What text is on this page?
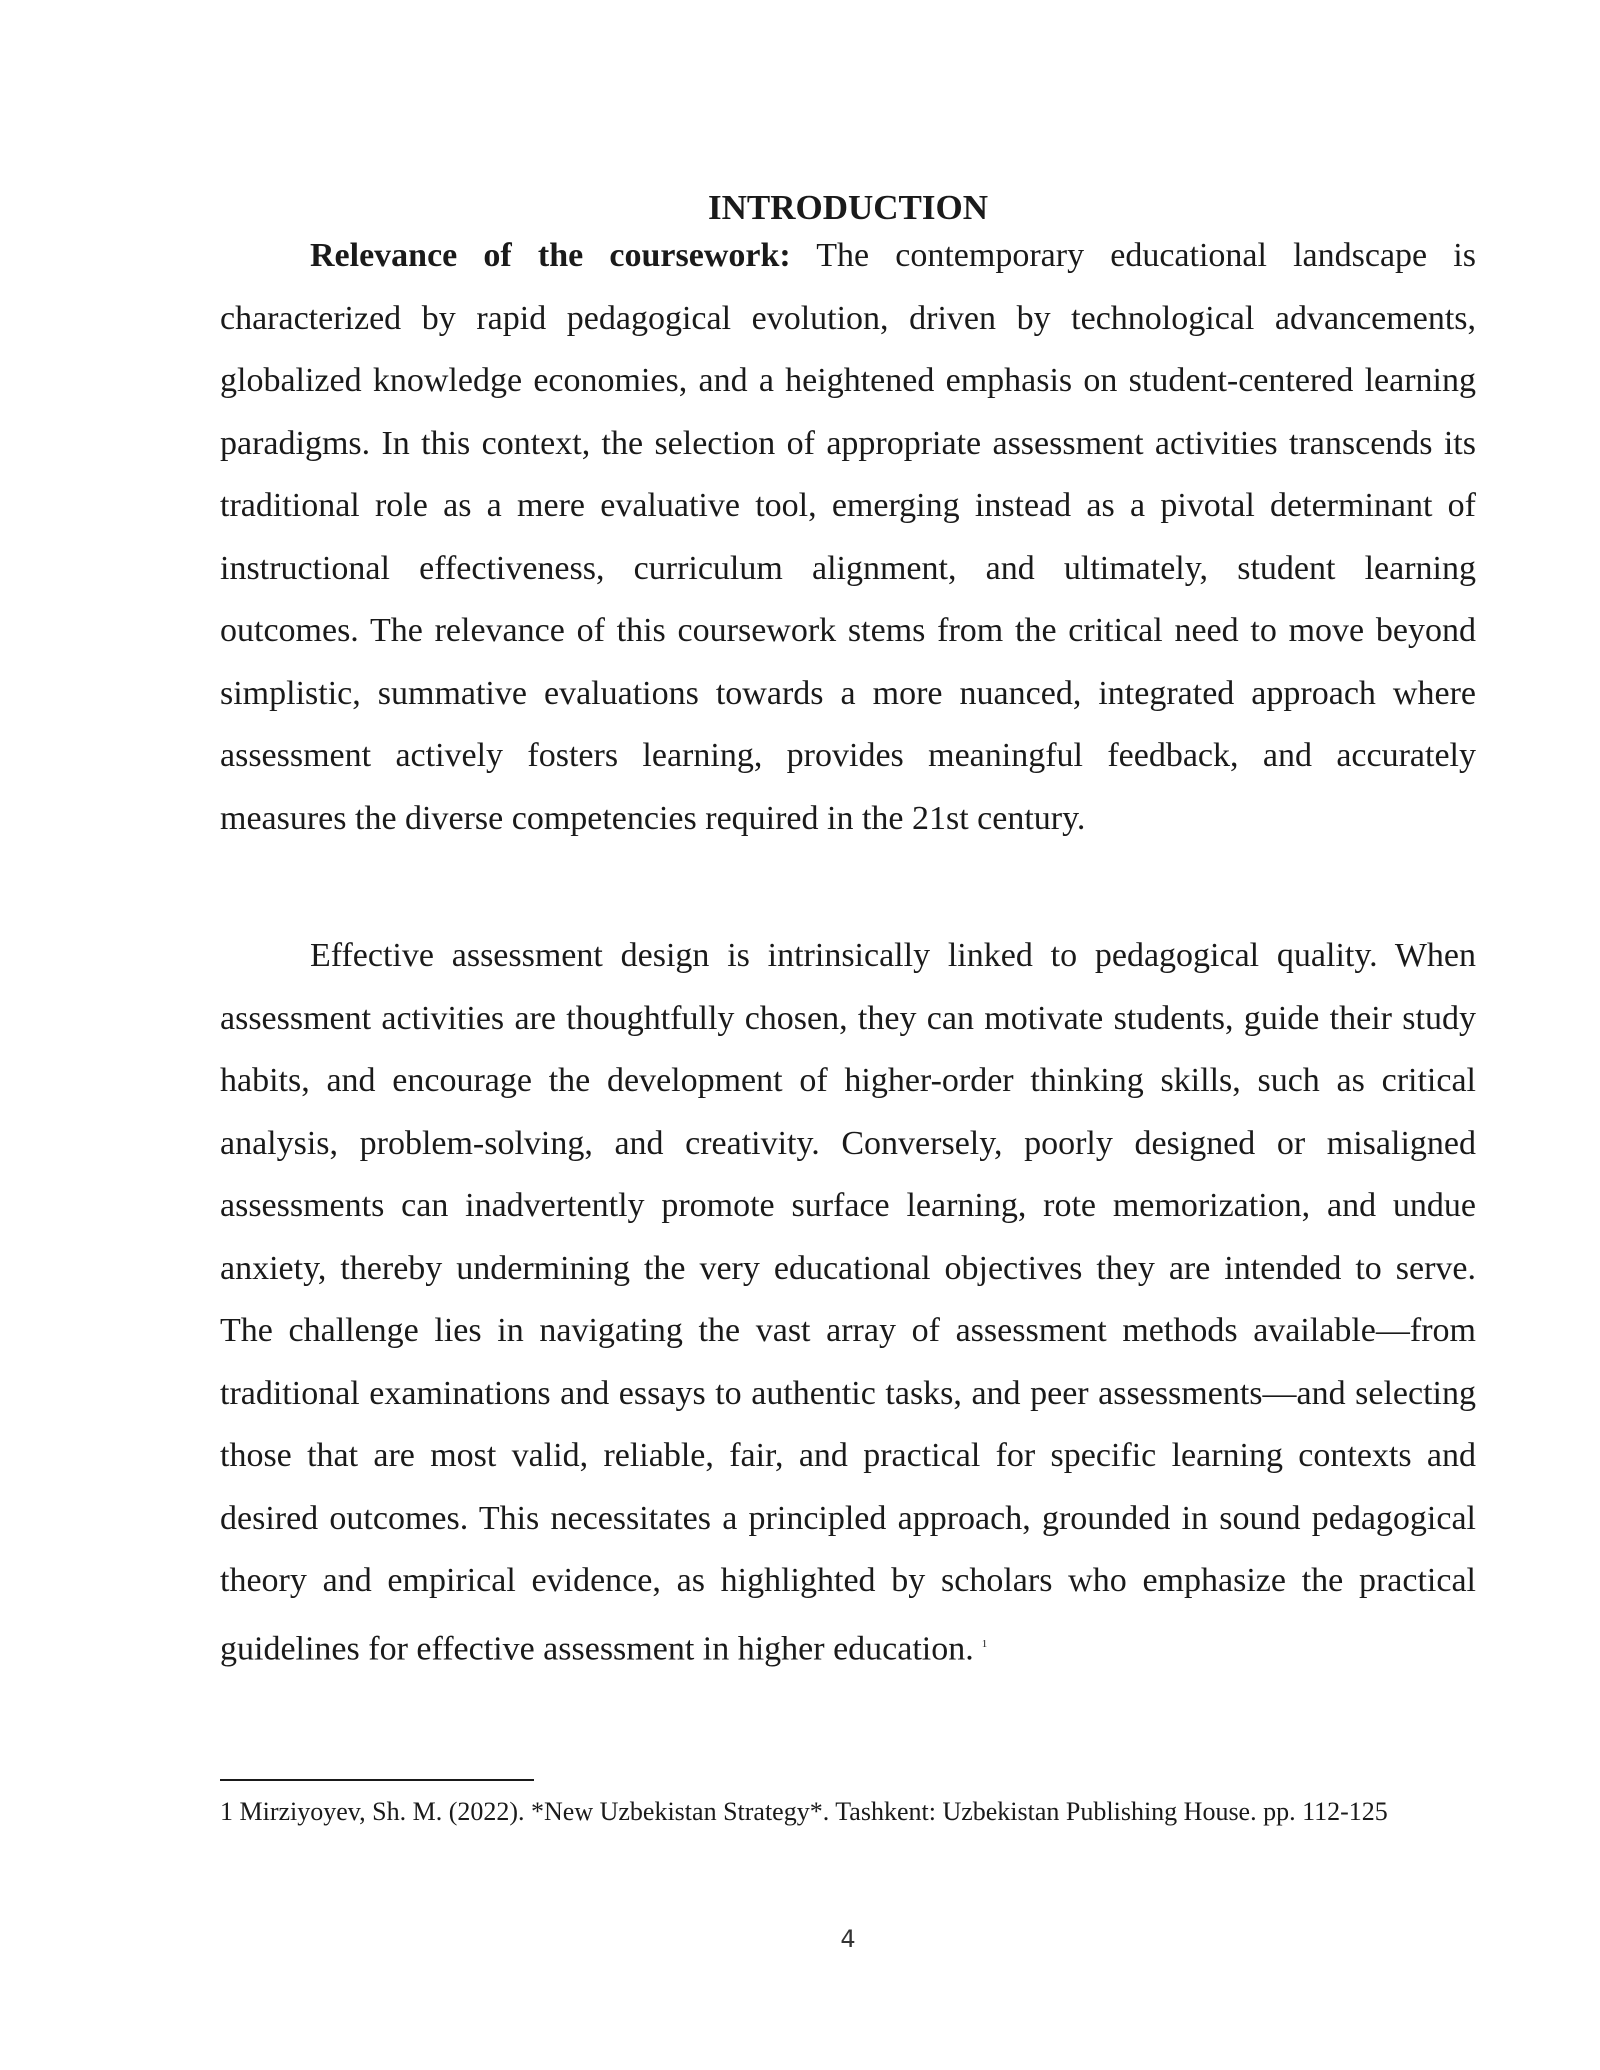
INTRODUCTION

Relevance of the coursework: The contemporary educational landscape is characterized by rapid pedagogical evolution, driven by technological advancements, globalized knowledge economies, and a heightened emphasis on student-centered learning paradigms. In this context, the selection of appropriate assessment activities transcends its traditional role as a mere evaluative tool, emerging instead as a pivotal determinant of instructional effectiveness, curriculum alignment, and ultimately, student learning outcomes. The relevance of this coursework stems from the critical need to move beyond simplistic, summative evaluations towards a more nuanced, integrated approach where assessment actively fosters learning, provides meaningful feedback, and accurately measures the diverse competencies required in the 21st century.

Effective assessment design is intrinsically linked to pedagogical quality. When assessment activities are thoughtfully chosen, they can motivate students, guide their study habits, and encourage the development of higher-order thinking skills, such as critical analysis, problem-solving, and creativity. Conversely, poorly designed or misaligned assessments can inadvertently promote surface learning, rote memorization, and undue anxiety, thereby undermining the very educational objectives they are intended to serve. The challenge lies in navigating the vast array of assessment methods available—from traditional examinations and essays to authentic tasks, and peer assessments—and selecting those that are most valid, reliable, fair, and practical for specific learning contexts and desired outcomes. This necessitates a principled approach, grounded in sound pedagogical theory and empirical evidence, as highlighted by scholars who emphasize the practical guidelines for effective assessment in higher education. $^1$

1 Mirziyoyev, Sh. M. (2022). *New Uzbekistan Strategy*. Tashkent: Uzbekistan Publishing House. pp. 112-125

4
